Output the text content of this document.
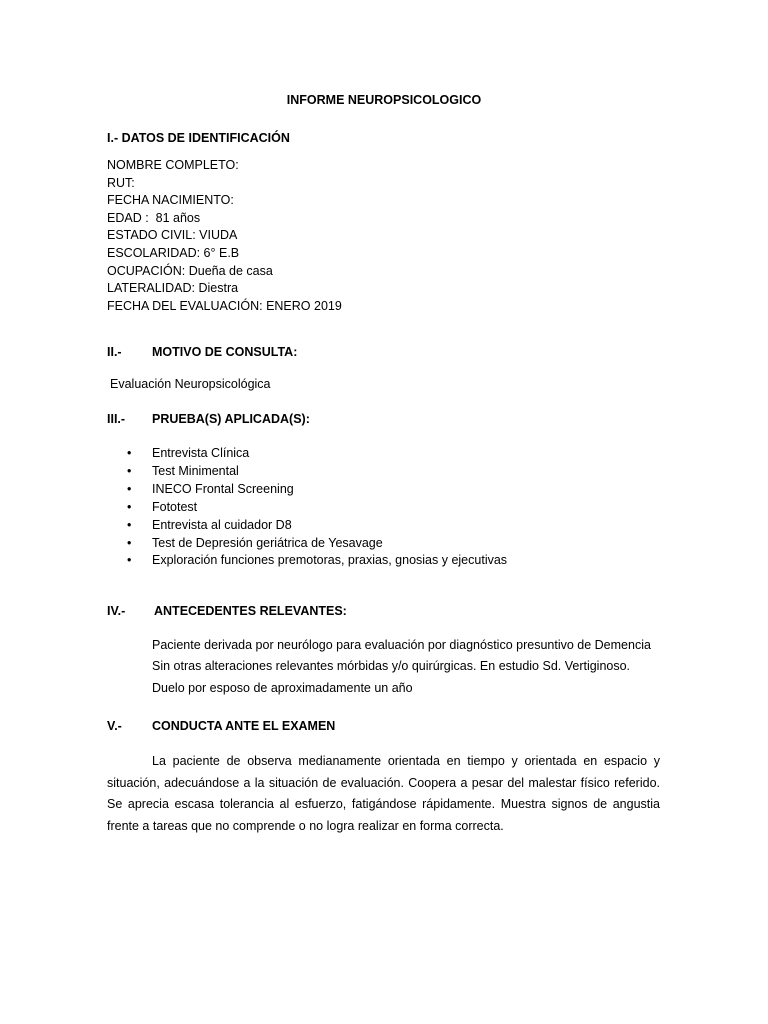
INFORME NEUROPSICOLOGICO
I.- DATOS DE IDENTIFICACIÓN
NOMBRE COMPLETO:
RUT:
FECHA NACIMIENTO:
EDAD :  81 años
ESTADO CIVIL: VIUDA
ESCOLARIDAD: 6° E.B
OCUPACIÓN: Dueña de casa
LATERALIDAD: Diestra
FECHA DEL EVALUACIÓN: ENERO 2019
II.- MOTIVO DE CONSULTA:
Evaluación Neuropsicológica
III.- PRUEBA(S) APLICADA(S):
• Entrevista Clínica
• Test Minimental
• INECO Frontal Screening
• Fototest
• Entrevista al cuidador D8
• Test de Depresión geriátrica de Yesavage
• Exploración funciones premotoras, praxias, gnosias y ejecutivas
IV.- ANTECEDENTES RELEVANTES:
Paciente derivada por neurólogo para evaluación por diagnóstico presuntivo de Demencia
Sin otras alteraciones relevantes mórbidas y/o quirúrgicas. En estudio Sd. Vertiginoso.
Duelo por esposo de aproximadamente un año
V.- CONDUCTA ANTE EL EXAMEN
La paciente de observa medianamente orientada en tiempo y orientada en espacio y situación, adecuándose a la situación de evaluación. Coopera a pesar del malestar físico referido. Se aprecia escasa tolerancia al esfuerzo, fatigándose rápidamente. Muestra signos de angustia frente a tareas que no comprende o no logra realizar en forma correcta.
